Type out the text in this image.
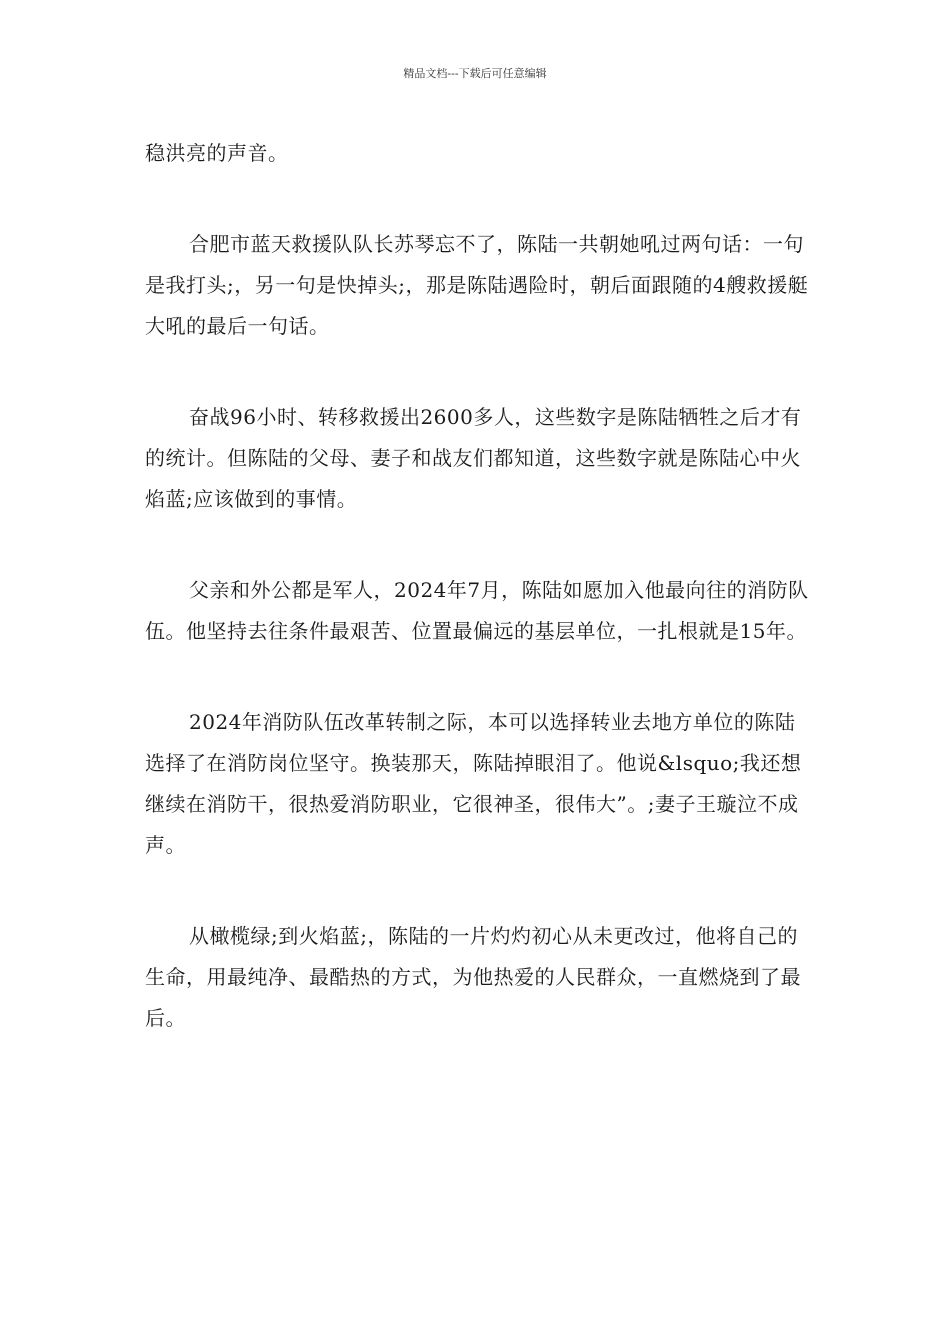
精品文档---下载后可任意编辑

稳洪亮的声音。

合肥市蓝天救援队队长苏琴忘不了，陈陆一共朝她吼过两句话：一句是我打头;，另一句是快掉头;，那是陈陆遇险时，朝后面跟随的4艘救援艇大吼的最后一句话。

奋战96小时、转移救援出2600多人，这些数字是陈陆牺牲之后才有的统计。但陈陆的父母、妻子和战友们都知道，这些数字就是陈陆心中火焰蓝;应该做到的事情。

父亲和外公都是军人，2024年7月，陈陆如愿加入他最向往的消防队伍。他坚持去往条件最艰苦、位置最偏远的基层单位，一扎根就是15年。

2024年消防队伍改革转制之际，本可以选择转业去地方单位的陈陆选择了在消防岗位坚守。换装那天，陈陆掉眼泪了。他说&lsquo;我还想继续在消防干，很热爱消防职业，它很神圣，很伟大”。;妻子王璇泣不成声。

从橄榄绿;到火焰蓝;，陈陆的一片灼灼初心从未更改过，他将自己的生命，用最纯净、最酷热的方式，为他热爱的人民群众，一直燃烧到了最后。
